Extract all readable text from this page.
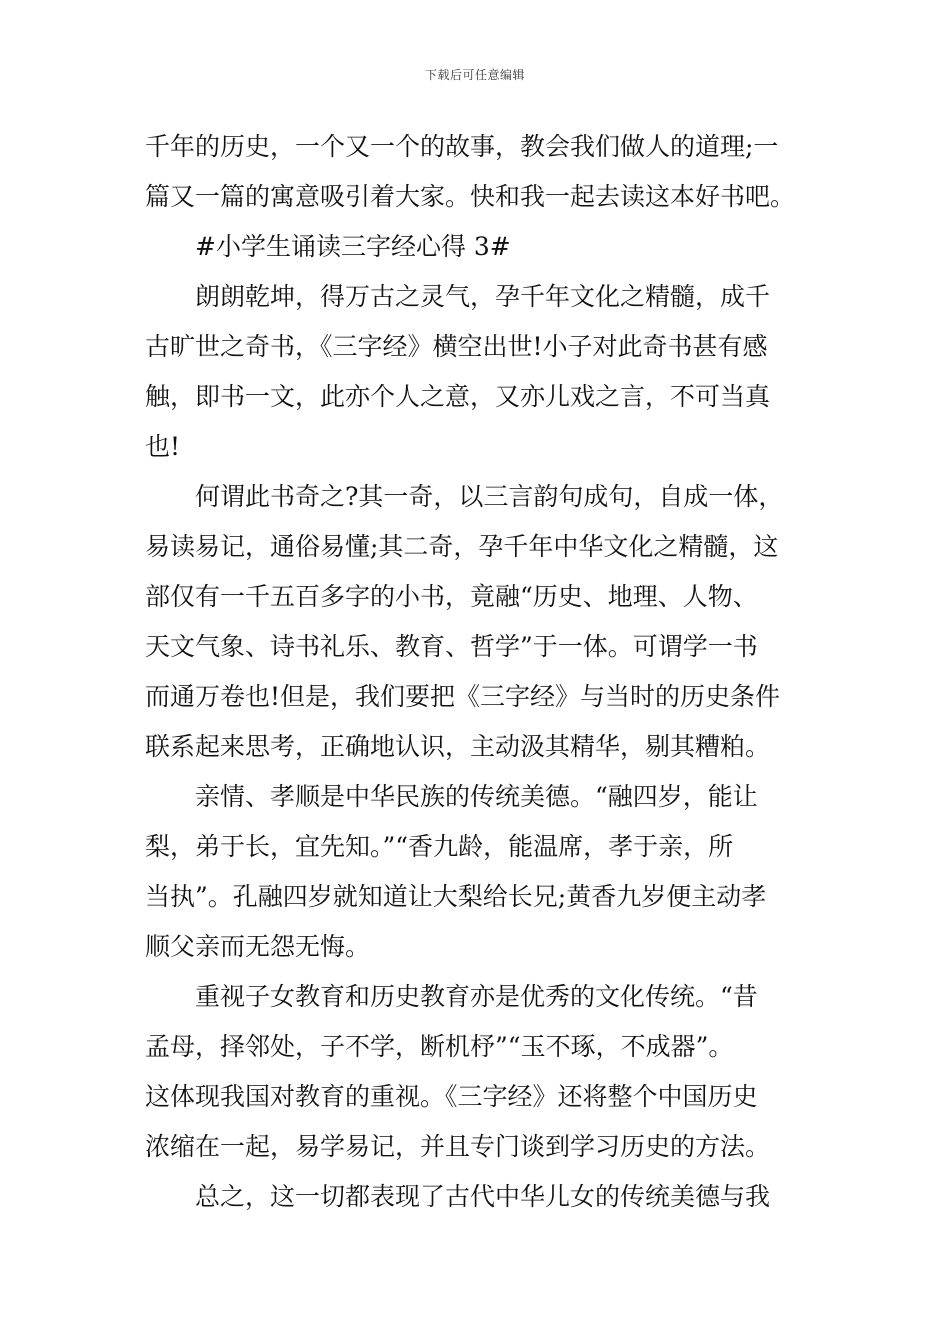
下载后可任意编辑
千年的历史，一个又一个的故事，教会我们做人的道理;一
篇又一篇的寓意吸引着大家。快和我一起去读这本好书吧。
#小学生诵读三字经心得 3#
朗朗乾坤，得万古之灵气，孕千年文化之精髓，成千
古旷世之奇书，《三字经》横空出世!小子对此奇书甚有感
触，即书一文，此亦个人之意，又亦儿戏之言，不可当真
也!
何谓此书奇之?其一奇，以三言韵句成句，自成一体，
易读易记，通俗易懂;其二奇，孕千年中华文化之精髓，这
部仅有一千五百多字的小书，竟融“历史、地理、人物、
天文气象、诗书礼乐、教育、哲学”于一体。可谓学一书
而通万卷也!但是，我们要把《三字经》与当时的历史条件
联系起来思考，正确地认识，主动汲其精华，剔其糟粕。
亲情、孝顺是中华民族的传统美德。“融四岁，能让
梨，弟于长，宜先知。”“香九龄，能温席，孝于亲，所
当执”。孔融四岁就知道让大梨给长兄;黄香九岁便主动孝
顺父亲而无怨无悔。
重视子女教育和历史教育亦是优秀的文化传统。“昔
孟母，择邻处，子不学，断机杼”“玉不琢，不成器”。
这体现我国对教育的重视。《三字经》还将整个中国历史
浓缩在一起，易学易记，并且专门谈到学习历史的方法。
总之，这一切都表现了古代中华儿女的传统美德与我
